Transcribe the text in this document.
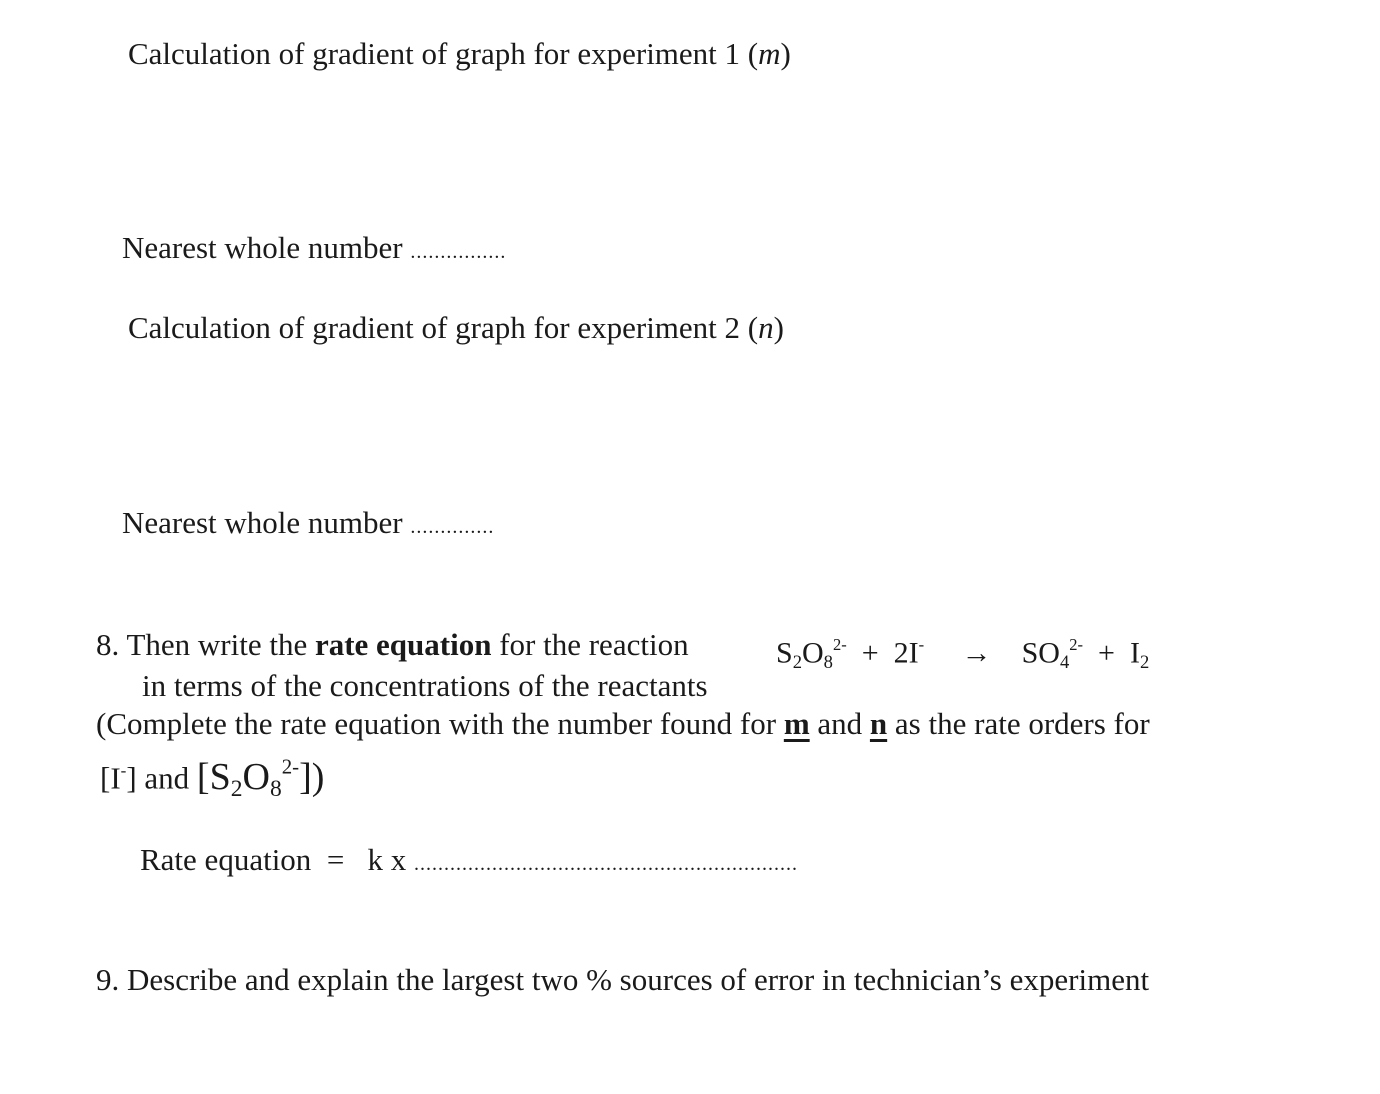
Calculation of gradient of graph for experiment 1 (m)
Nearest whole number ................
Calculation of gradient of graph for experiment 2 (n)
Nearest whole number ..............
8. Then write the rate equation for the reaction	$S_2O_8^{2-} + 2I^- \to SO_4^{2-} + I_2$
in terms of the concentrations of the reactants
(Complete the rate equation with the number found for m and n as the rate orders for
[I-] and $[S_2O_8^{2-}]$)
Rate equation = k x ................................................................
9. Describe and explain the largest two % sources of error in technician’s experiment
